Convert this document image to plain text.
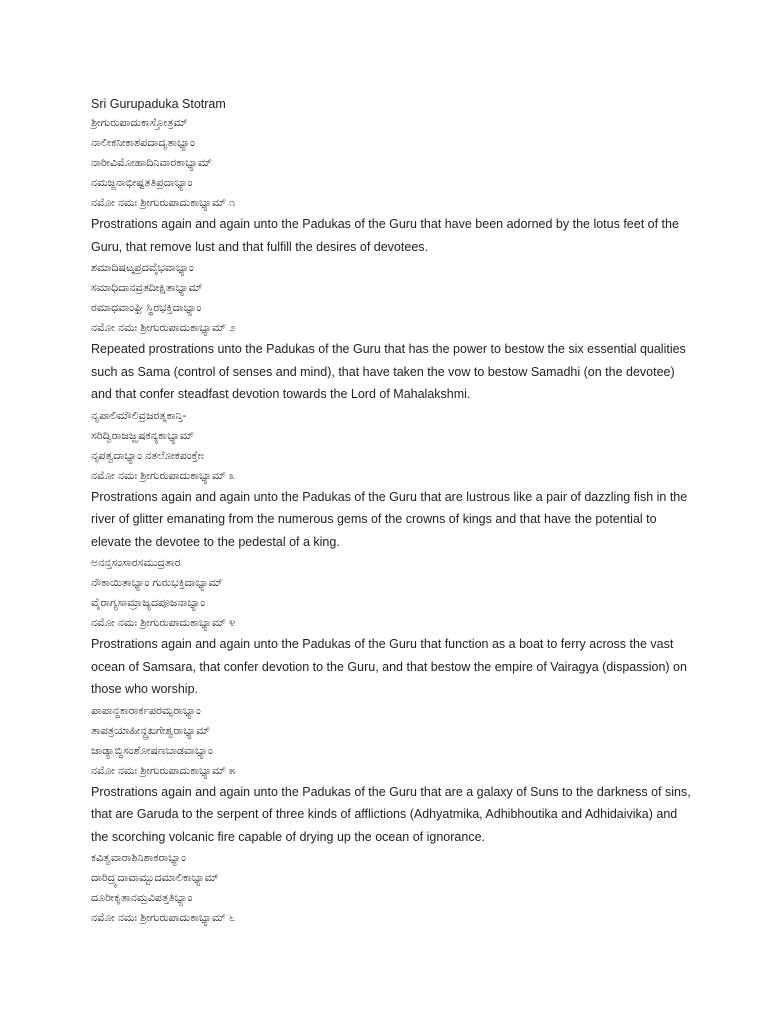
Sri Gurupaduka Stotram
ಶ್ರೀಗುರುಪಾದುಕಾಸ್ತೋತ್ರಮ್
ನಾಲೀಕನೀಕಾಶಪದಾದೃತಾಭ್ಯಾಂ
ನಾರೀವಿಮೋಹಾದಿನಿವಾರಕಾಭ್ಯಾಮ್
ನಮಜ್ಜನಾಭೀಷ್ಟತತಿಪ್ರದಾಭ್ಯಾಂ
ನಮೋ ನಮಃ ಶ್ರೀಗುರುಪಾದುಕಾಭ್ಯಾಮ್ ೧
Prostrations again and again unto the Padukas of the Guru that have been adorned by the lotus feet of the Guru, that remove lust and that fulfill the desires of devotees.
ಶಮಾದಿಷಟ್ಕಪ್ರದವೈಭವಾಭ್ಯಾಂ
ಸಮಾಧಿದಾನವ್ರತದೀಕ್ಷಿತಾಭ್ಯಾಮ್
ರಮಾಧವಾಂಘ್ರಿ ಸ್ಥಿರಭಕ್ತಿದಾಭ್ಯಾಂ
ನಮೋ ನಮಃ ಶ್ರೀಗುರುಪಾದುಕಾಭ್ಯಾಮ್ ೨
Repeated prostrations unto the Padukas of the Guru that has the power to bestow the six essential qualities such as Sama (control of senses and mind), that have taken the vow to bestow Samadhi (on the devotee) and that confer steadfast devotion towards the Lord of Mahalakshmi.
ನೃಪಾಲಿಮೌಲಿವ್ರಜರತ್ನಕಾನ್ತಿ-
ಸರಿದ್ವಿರಾಜಜ್ಝಷಕನ್ಯಕಾಭ್ಯಾಮ್
ನೃಪತ್ವದಾಭ್ಯಾಂ ನತಲೋಕಪಂಕ್ತೇಃ
ನಮೋ ನಮಃ ಶ್ರೀಗುರುಪಾದುಕಾಭ್ಯಾಮ್ ೩
Prostrations again and again unto the Padukas of the Guru that are lustrous like a pair of dazzling fish in the river of glitter emanating from the numerous gems of the crowns of kings and that have the potential to elevate the devotee to the pedestal of a king.
ಅನನ್ತಸಂಸಾರಸಮುದ್ರತಾರ
ನೌಕಾಯಿತಾಭ್ಯಾಂ ಗುರುಭಕ್ತಿದಾಭ್ಯಾಮ್
ವೈರಾಗ್ಯಸಾಮ್ರಾಜ್ಯದಪೂಜನಾಭ್ಯಾಂ
ನಮೋ ನಮಃ ಶ್ರೀಗುರುಪಾದುಕಾಭ್ಯಾಮ್ ೪
Prostrations again and again unto the Padukas of the Guru that function as a boat to ferry across the vast ocean of Samsara, that confer devotion to the Guru, and that bestow the empire of Vairagya (dispassion) on those who worship.
ಪಾಪಾನ್ಧಕಾರಾರ್ಕಪರಮ್ಪರಾಭ್ಯಾಂ
ತಾಪತ್ರಯಾಹೀನ್ದ್ರಖಗೇಶ್ವರಾಭ್ಯಾಮ್
ಜಾಡ್ಯಾಬ್ಧಿಸಂಶೋಷಣಬಾಡವಾಭ್ಯಾಂ
ನಮೋ ನಮಃ ಶ್ರೀಗುರುಪಾದುಕಾಭ್ಯಾಮ್ ೫
Prostrations again and again unto the Padukas of the Guru that are a galaxy of Suns to the darkness of sins, that are Garuda to the serpent of three kinds of afflictions (Adhyatmika, Adhibhoutika and Adhidaivika) and the scorching volcanic fire capable of drying up the ocean of ignorance.
ಕವಿತ್ವವಾರಾಶಿನಿಶಾಕರಾಭ್ಯಾಂ
ದಾರಿದ್ರ್ಯದಾವಾಮ್ಬುದಮಾಲಿಕಾಭ್ಯಾಮ್
ದೂರೀಕೃತಾನಮ್ರವಿಪತ್ತತಿಭ್ಯಾಂ
ನಮೋ ನಮಃ ಶ್ರೀಗುರುಪಾದುಕಾಭ್ಯಾಮ್ ೬
